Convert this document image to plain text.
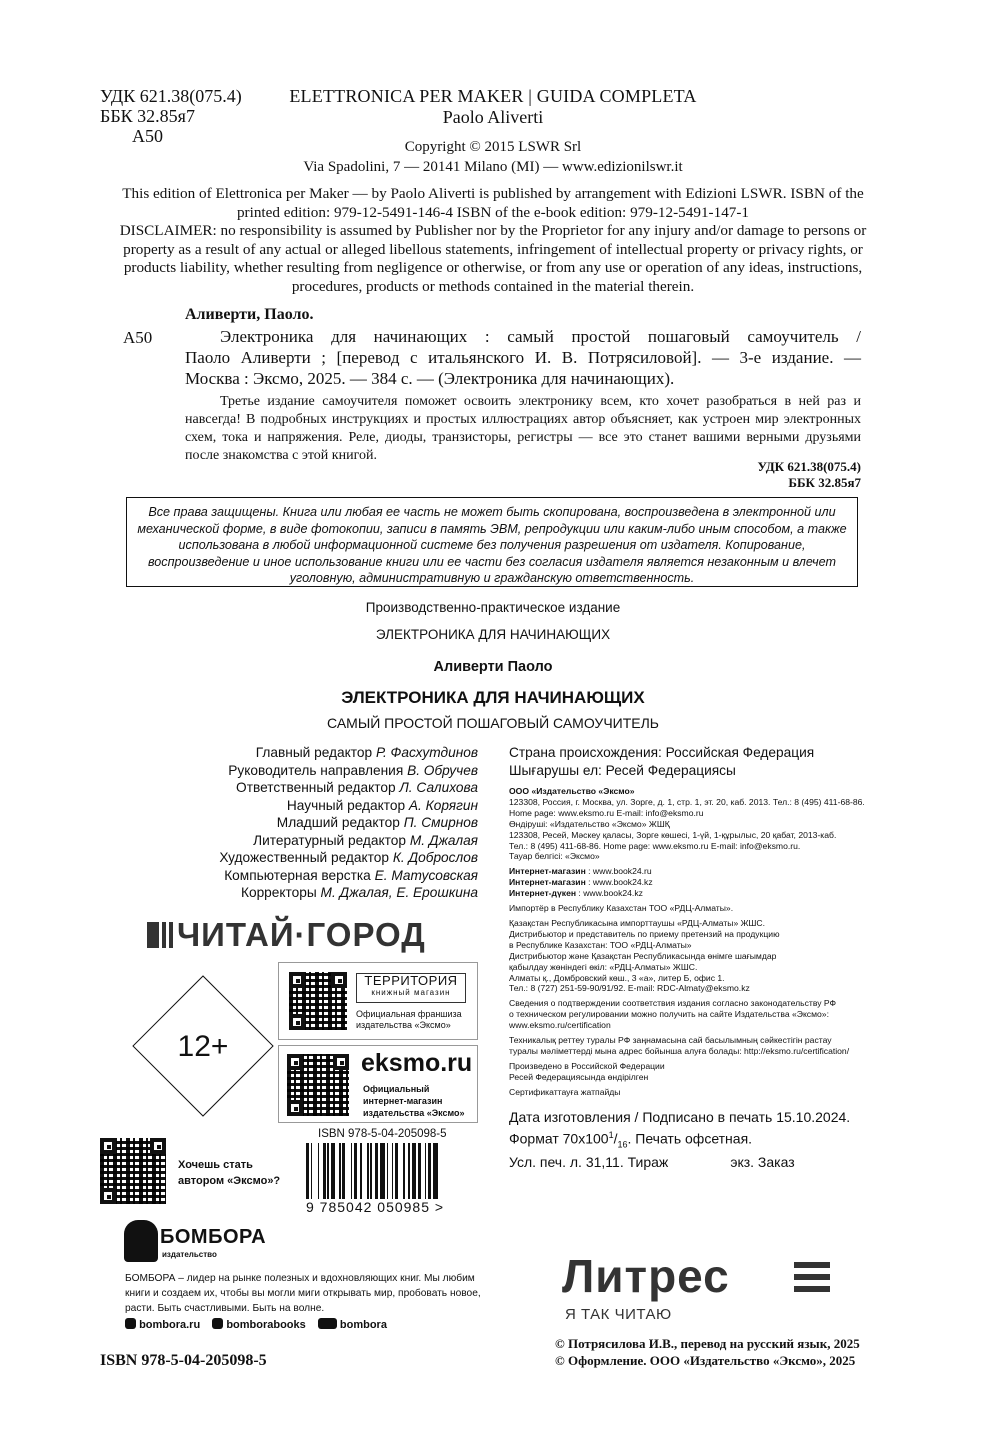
УДК 621.38(075.4)
ББК 32.85я7
А50
ELETTRONICA PER MAKER | GUIDA COMPLETA
Paolo Aliverti
Copyright © 2015 LSWR Srl
Via Spadolini, 7 — 20141 Milano (MI) — www.edizionilswr.it
This edition of Elettronica per Maker — by Paolo Aliverti is published by arrangement with Edizioni LSWR. ISBN of the printed edition: 979-12-5491-146-4 ISBN of the e-book edition: 979-12-5491-147-1
DISCLAIMER: no responsibility is assumed by Publisher nor by the Proprietor for any injury and/or damage to persons or property as a result of any actual or alleged libellous statements, infringement of intellectual property or privacy rights, or products liability, whether resulting from negligence or otherwise, or from any use or operation of any ideas, instructions, procedures, products or methods contained in the material therein.
Аливерти, Паоло.
А50	Электроника для начинающих : самый простой пошаговый самоучитель /
Паоло Аливерти ; [перевод с итальянского И. В. Потрясиловой]. — 3-е издание. —
Москва : Эксмо, 2025. — 384 с. — (Электроника для начинающих).
Третье издание самоучителя поможет освоить электронику всем, кто хочет разобраться в ней раз и навсегда! В подробных инструкциях и простых иллюстрациях автор объясняет, как устроен мир электронных схем, тока и напряжения. Реле, диоды, транзисторы, регистры — все это станет вашими верными друзьями после знакомства с этой книгой.
УДК 621.38(075.4)
ББК 32.85я7
Все права защищены. Книга или любая ее часть не может быть скопирована, воспроизведена в электронной или механической форме, в виде фотокопии, записи в память ЭВМ, репродукции или каким-либо иным способом, а также использована в любой информационной системе без получения разрешения от издателя. Копирование, воспроизведение и иное использование книги или ее части без согласия издателя является незаконным и влечет уголовную, административную и гражданскую ответственность.
Производственно-практическое издание
ЭЛЕКТРОНИКА ДЛЯ НАЧИНАЮЩИХ
Аливерти Паоло
ЭЛЕКТРОНИКА ДЛЯ НАЧИНАЮЩИХ
САМЫЙ ПРОСТОЙ ПОШАГОВЫЙ САМОУЧИТЕЛЬ
Главный редактор Р. Фасхутдинов
Руководитель направления В. Обручев
Ответственный редактор Л. Салихова
Научный редактор А. Корягин
Младший редактор П. Смирнов
Литературный редактор М. Джалая
Художественный редактор К. Доброслов
Компьютерная верстка Е. Матусовская
Корректоры М. Джалая, Е. Ерошкина
Страна происхождения: Российская Федерация
Шығарушы ел: Ресей Федерациясы
ООО «Издательство «Эксмо»
123308, Россия, г. Москва, ул. Зорге, д. 1, стр. 1, эт. 20, каб. 2013. Тел.: 8 (495) 411-68-86.
Home page: www.eksmo.ru E-mail: info@eksmo.ru
Өндіруші: «Издательство «Эксмо» ЖШҚ
123308, Ресей, Мәскеу қаласы, Зорге көшесі, 1-үй, 1-құрылыс, 20 қабат, 2013-каб.
Тел.: 8 (495) 411-68-86. Home page: www.eksmo.ru E-mail: info@eksmo.ru.
Тауар белгісі: «Эксмо»
Интернет-магазин : www.book24.ru
Интернет-магазин : www.book24.kz
Интернет-дүкен : www.book24.kz
Импортёр в Республику Казахстан ТОО «РДЦ-Алматы».
Қазақстан Республикасына импорттаушы «РДЦ-Алматы» ЖШС.
Дистрибьютор и представитель по приему претензий на продукцию
в Республике Казахстан: ТОО «РДЦ-Алматы»
Дистрибьютор және Қазақстан Республикасында өнімге шағымдар
қабылдау жөніндегі өкіл: «РДЦ-Алматы» ЖШС.
Алматы қ., Домбровский көш., 3 «а», литер Б, офис 1.
Тел.: 8 (727) 251-59-90/91/92. E-mail: RDC-Almaty@eksmo.kz
Сведения о подтверждении соответствия издания согласно законодательству РФ
о техническом регулировании можно получить на сайте Издательства «Эксмо»:
www.eksmo.ru/certification
Техникалық реттеу туралы РФ заңнамасына сай басылымның сәйкестігін растау
туралы мәліметтерді мына адрес бойынша алуға болады: http://eksmo.ru/certification/
Произведено в Российской Федерации
Ресей Федерациясында өндірілген
Сертификаттауға жатпайды
Дата изготовления / Подписано в печать 15.10.2024.
Формат $70x100^1/_{16}$. Печать офсетная.
Усл. печ. л. 31,11. Тираж	экз. Заказ
ЧИТАЙ·ГОРОД
ТЕРРИТОРИЯ
книжный магазин
Официальная франшиза
издательства «Эксмо»
12+	eksmo.ru
Официальный
интернет-магазин
издательства «Эксмо»
ISBN 978-5-04-205098-5
9 785042 050985 >
Хочешь стать
автором «Эксмо»?
БОМБОРА
издательство
БОМБОРА – лидер на рынке полезных и вдохновляющих книг. Мы любим книги и создаем их, чтобы вы могли миги открывать мир, пробовать новое, расти. Быть счастливыми. Быть на волне.
bombora.ru bomborabooks	bombora
Литрес
Я ТАК ЧИТАЮ
ISBN 978-5-04-205098-5
© Потрясилова И.В., перевод на русский язык, 2025
© Оформление. ООО «Издательство «Эксмо», 2025
